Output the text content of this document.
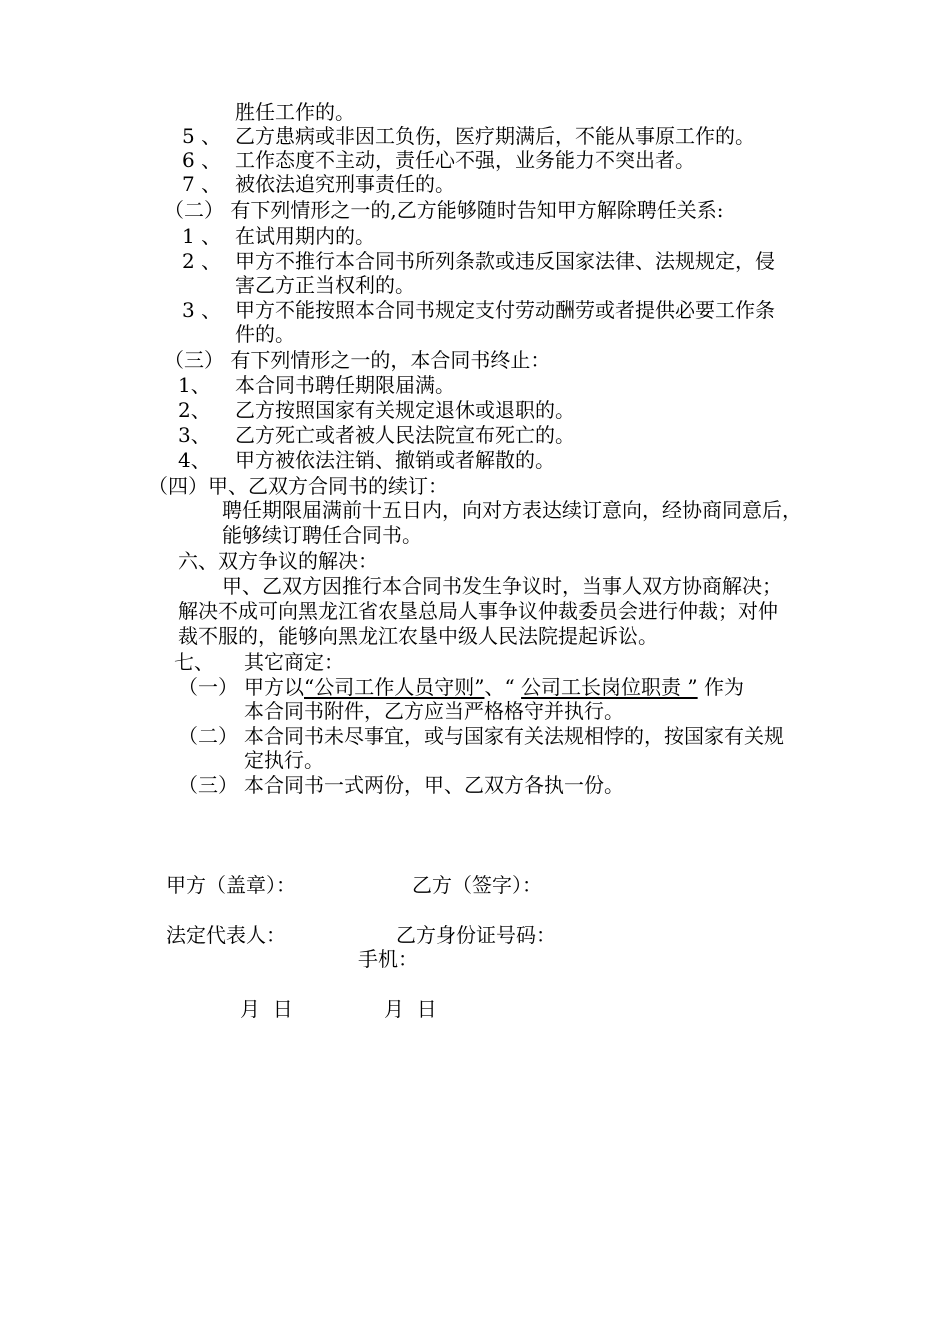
胜任工作的。
5 、 乙方患病或非因工负伤，医疗期满后，不能从事原工作的。
6 、 工作态度不主动，责任心不强，业务能力不突出者。
7 、 被依法追究刑事责任的。
（二） 有下列情形之一的,乙方能够随时告知甲方解除聘任关系:
1 、 在试用期内的。
2 、 甲方不推行本合同书所列条款或违反国家法律、法规规定，侵
害乙方正当权利的。
3 、 甲方不能按照本合同书规定支付劳动酬劳或者提供必要工作条
件的。
（三） 有下列情形之一的，本合同书终止：
1、 本合同书聘任期限届满。
2、 乙方按照国家有关规定退休或退职的。
3、 乙方死亡或者被人民法院宣布死亡的。
4、 甲方被依法注销、撤销或者解散的。
（四）甲、乙双方合同书的续订：
聘任期限届满前十五日内，向对方表达续订意向，经协商同意后，
能够续订聘任合同书。
六、双方争议的解决：
甲、乙双方因推行本合同书发生争议时，当事人双方协商解决；
解决不成可向黑龙江省农垦总局人事争议仲裁委员会进行仲裁；对仲
裁不服的，能够向黑龙江农垦中级人民法院提起诉讼。
七、 其它商定：
（一） 甲方以“公司工作人员守则”、“ 公司工长岗位职责 ” 作为
本合同书附件，乙方应当严格格守并执行。
（二） 本合同书未尽事宜，或与国家有关法规相悖的，按国家有关规
定执行。
（三） 本合同书一式两份，甲、乙双方各执一份。
甲方（盖章）：	乙方（签字）：
法定代表人：	乙方身份证号码：
手机：
月  日	月  日
